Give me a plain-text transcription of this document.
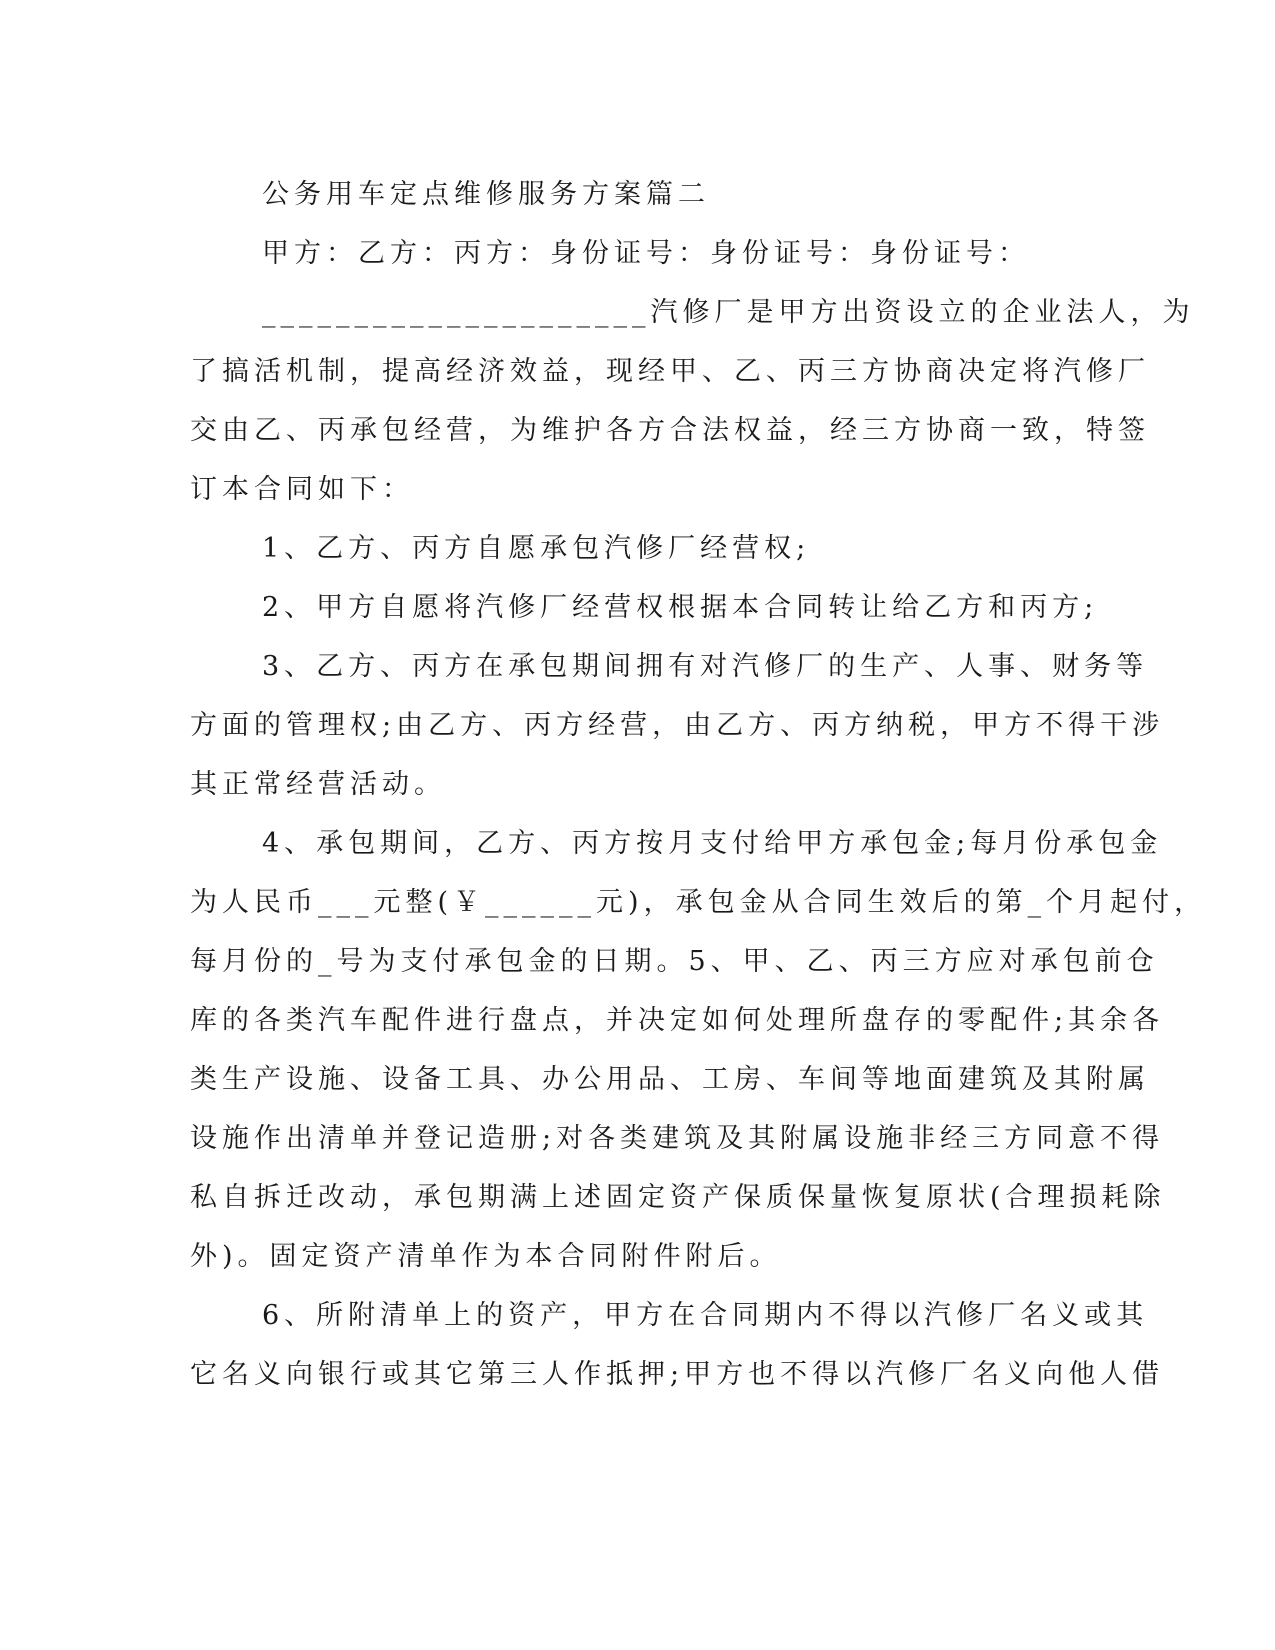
公务用车定点维修服务方案篇二
甲方：乙方：丙方：身份证号：身份证号：身份证号：
_____________________汽修厂是甲方出资设立的企业法人，为
了搞活机制，提高经济效益，现经甲、乙、丙三方协商决定将汽修厂
交由乙、丙承包经营，为维护各方合法权益，经三方协商一致，特签
订本合同如下：
1、乙方、丙方自愿承包汽修厂经营权;
2、甲方自愿将汽修厂经营权根据本合同转让给乙方和丙方;
3、乙方、丙方在承包期间拥有对汽修厂的生产、人事、财务等
方面的管理权;由乙方、丙方经营，由乙方、丙方纳税，甲方不得干涉
其正常经营活动。
4、承包期间，乙方、丙方按月支付给甲方承包金;每月份承包金
为人民币___元整(￥______元)，承包金从合同生效后的第_个月起付，
每月份的_号为支付承包金的日期。5、甲、乙、丙三方应对承包前仓
库的各类汽车配件进行盘点，并决定如何处理所盘存的零配件;其余各
类生产设施、设备工具、办公用品、工房、车间等地面建筑及其附属
设施作出清单并登记造册;对各类建筑及其附属设施非经三方同意不得
私自拆迁改动，承包期满上述固定资产保质保量恢复原状(合理损耗除
外)。固定资产清单作为本合同附件附后。
6、所附清单上的资产，甲方在合同期内不得以汽修厂名义或其
它名义向银行或其它第三人作抵押;甲方也不得以汽修厂名义向他人借
